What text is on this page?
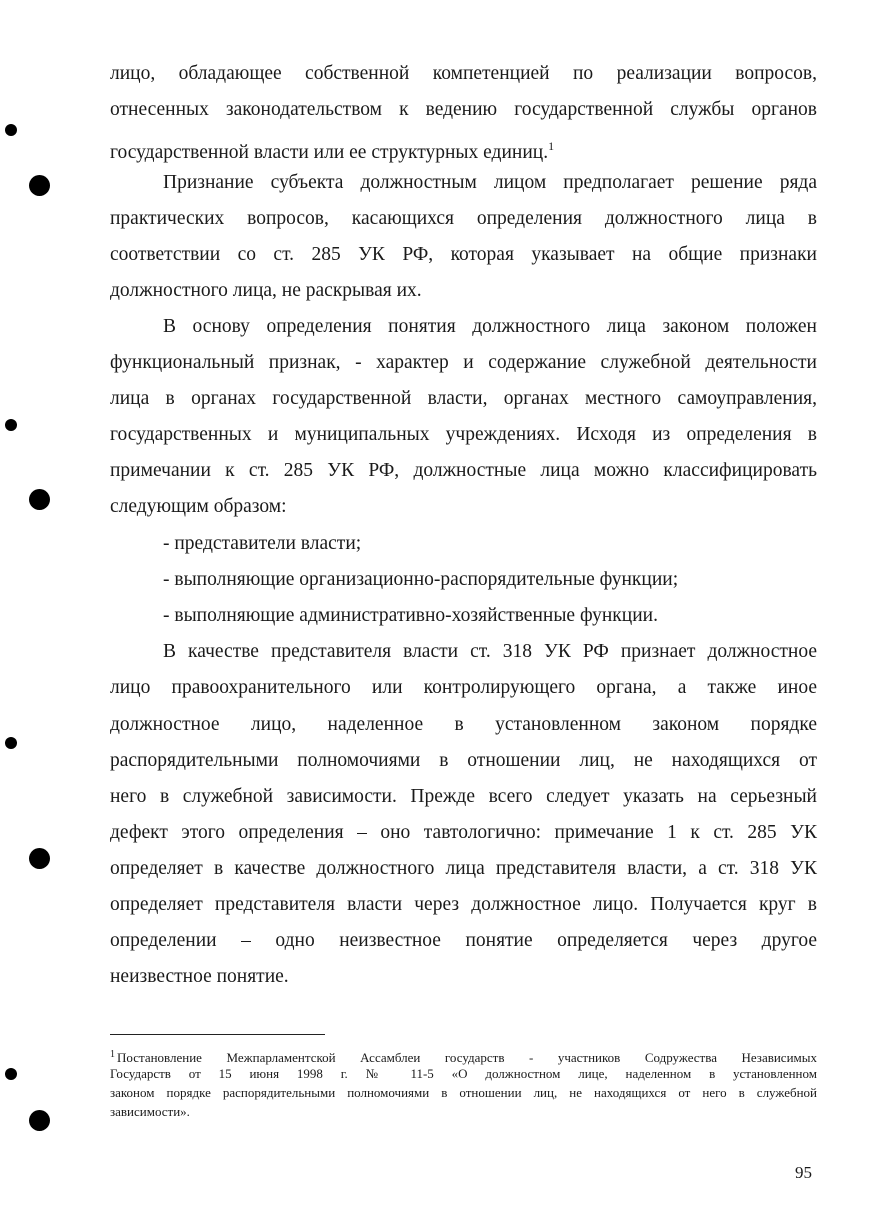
лицо, обладающее собственной компетенцией по реализации вопросов,
отнесенных законодательством к ведению государственной службы органов
государственной власти или ее структурных единиц.$^1$
Признание субъекта должностным лицом предполагает решение ряда
практических вопросов, касающихся определения должностного лица в
соответствии со ст. 285 УК РФ, которая указывает на общие признаки
должностного лица, не раскрывая их.
В основу определения понятия должностного лица законом положен
функциональный признак, - характер и содержание служебной деятельности
лица в органах государственной власти, органах местного самоуправления,
государственных и муниципальных учреждениях. Исходя из определения в
примечании к ст. 285 УК РФ, должностные лица можно классифицировать
следующим образом:
- представители власти;
- выполняющие организационно-распорядительные функции;
- выполняющие административно-хозяйственные функции.
В качестве представителя власти ст. 318 УК РФ признает должностное
лицо правоохранительного или контролирующего органа, а также иное
должностное лицо, наделенное в установленном законом порядке
распорядительными полномочиями в отношении лиц, не находящихся от
него в служебной зависимости. Прежде всего следует указать на серьезный
дефект этого определения – оно тавтологично: примечание 1 к ст. 285 УК
определяет в качестве должностного лица представителя власти, а ст. 318 УК
определяет представителя власти через должностное лицо. Получается круг в
определении – одно неизвестное понятие определяется через другое
неизвестное понятие.
$^1$ Постановление Межпарламентской Ассамблеи государств - участников Содружества Независимых
Государств от 15 июня 1998 г. № 11-5 «О должностном лице, наделенном в установленном
законом порядке распорядительными полномочиями в отношении лиц, не находящихся от него в служебной
зависимости».
95
